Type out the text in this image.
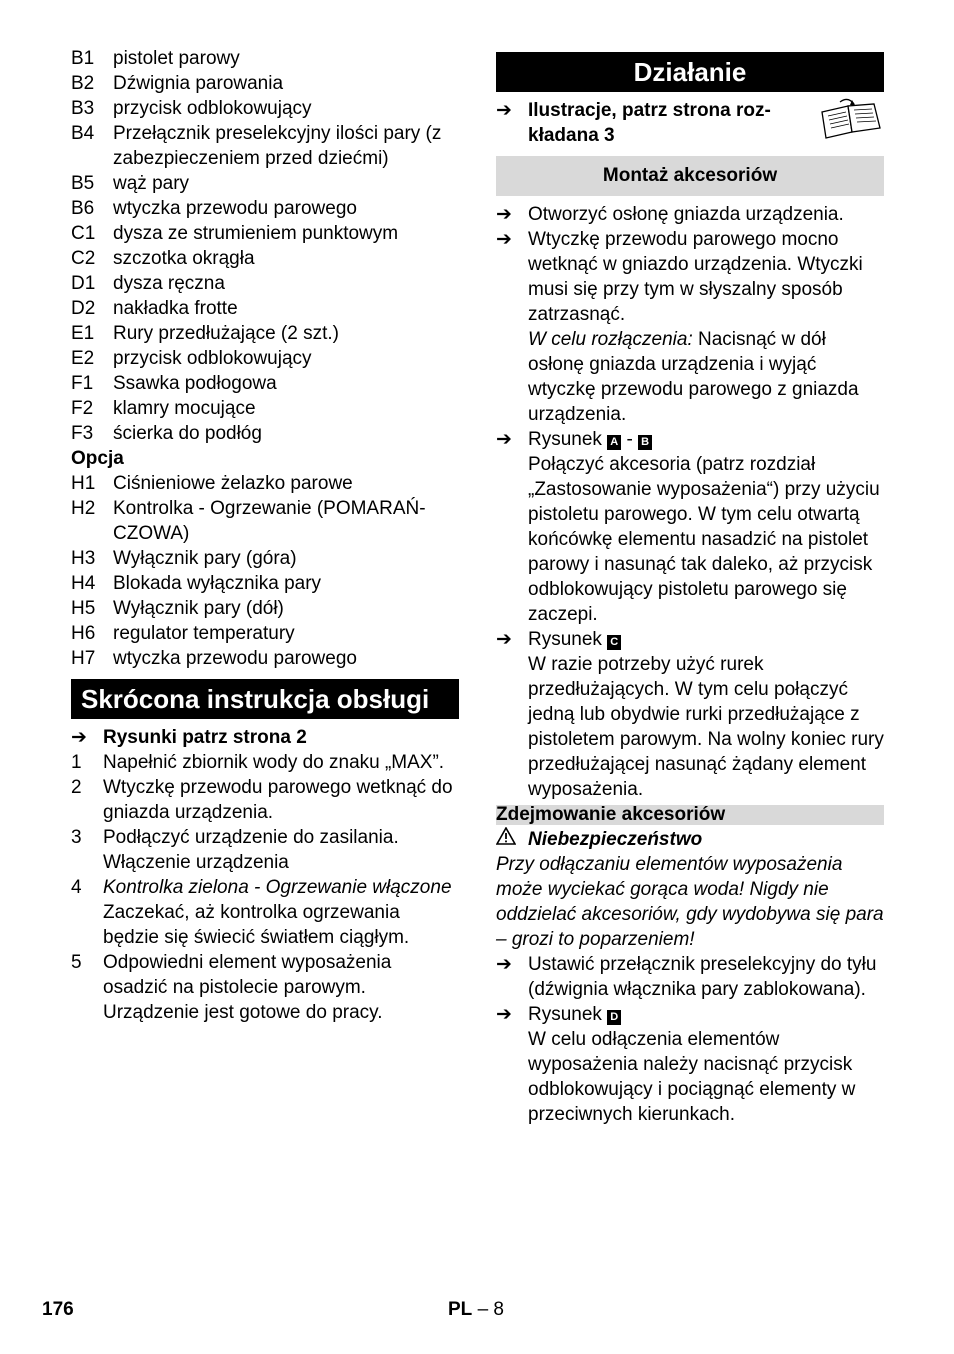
B1 pistolet parowy
B2 Dźwignia parowania
B3 przycisk odblokowujący
B4 Przełącznik preselekcyjny ilości pary (z zabezpieczeniem przed dziećmi)
B5 wąż pary
B6 wtyczka przewodu parowego
C1 dysza ze strumieniem punktowym
C2 szczotka okrągła
D1 dysza ręczna
D2 nakładka frotte
E1 Rury przedłużające (2 szt.)
E2 przycisk odblokowujący
F1	Ssawka podłogowa
F2	klamry mocujące
F3	ścierka do podłóg
Opcja
H1 Ciśnieniowe żelazko parowe
H2 Kontrolka - Ogrzewanie (POMARAŃ-CZOWA)
H3 Wyłącznik pary (góra)
H4 Blokada wyłącznika pary
H5 Wyłącznik pary (dół)
H6 regulator temperatury
H7 wtyczka przewodu parowego
Skrócona instrukcja obsługi
➔ Rysunki patrz strona 2
1	Napełnić zbiornik wody do znaku „MAX”.
2	Wtyczkę przewodu parowego wetknąć do gniazda urządzenia.
3	Podłączyć urządzenie do zasilania. Włączenie urządzenia
4	Kontrolka zielona - Ogrzewanie włączone
Zaczekać, aż kontrolka ogrzewania będzie się świecić światłem ciągłym.
5	Odpowiedni element wyposażenia osadzić na pistolecie parowym. Urządzenie jest gotowe do pracy.
Działanie
➔ Ilustracje, patrz strona roz-kładana 3
Montaż akcesoriów
➔ Otworzyć osłonę gniazda urządzenia.
➔ Wtyczkę przewodu parowego mocno wetknąć w gniazdo urządzenia. Wtyczki musi się przy tym w słyszalny sposób zatrzasnąć.
W celu rozłączenia: Nacisnąć w dół osłonę gniazda urządzenia i wyjąć wtyczkę przewodu parowego z gniazda urządzenia.
➔ Rysunek A - B
Połączyć akcesoria (patrz rozdział „Zastosowanie wyposażenia“) przy użyciu pistoletu parowego. W tym celu otwartą końcówkę elementu nasadzić na pistolet parowy i nasunąć tak daleko, aż przycisk odblokowujący pistoletu parowego się zaczepi.
➔ Rysunek C
W razie potrzeby użyć rurek przedłużających. W tym celu połączyć jedną lub obydwie rurki przedłużające z pistoletem parowym. Na wolny koniec rury przedłużającej nasunąć żądany element wyposażenia.
Zdejmowanie akcesoriów
Niebezpieczeństwo
Przy odłączaniu elementów wyposażenia może wyciekać gorąca woda! Nigdy nie oddzielać akcesoriów, gdy wydobywa się para – grozi to poparzeniem!
➔ Ustawić przełącznik preselekcyjny do tyłu (dźwignia włącznika pary zablokowana).
➔ Rysunek D
W celu odłączenia elementów wyposażenia należy nacisnąć przycisk odblokowujący i pociągnąć elementy w przeciwnych kierunkach.
176	PL – 8
